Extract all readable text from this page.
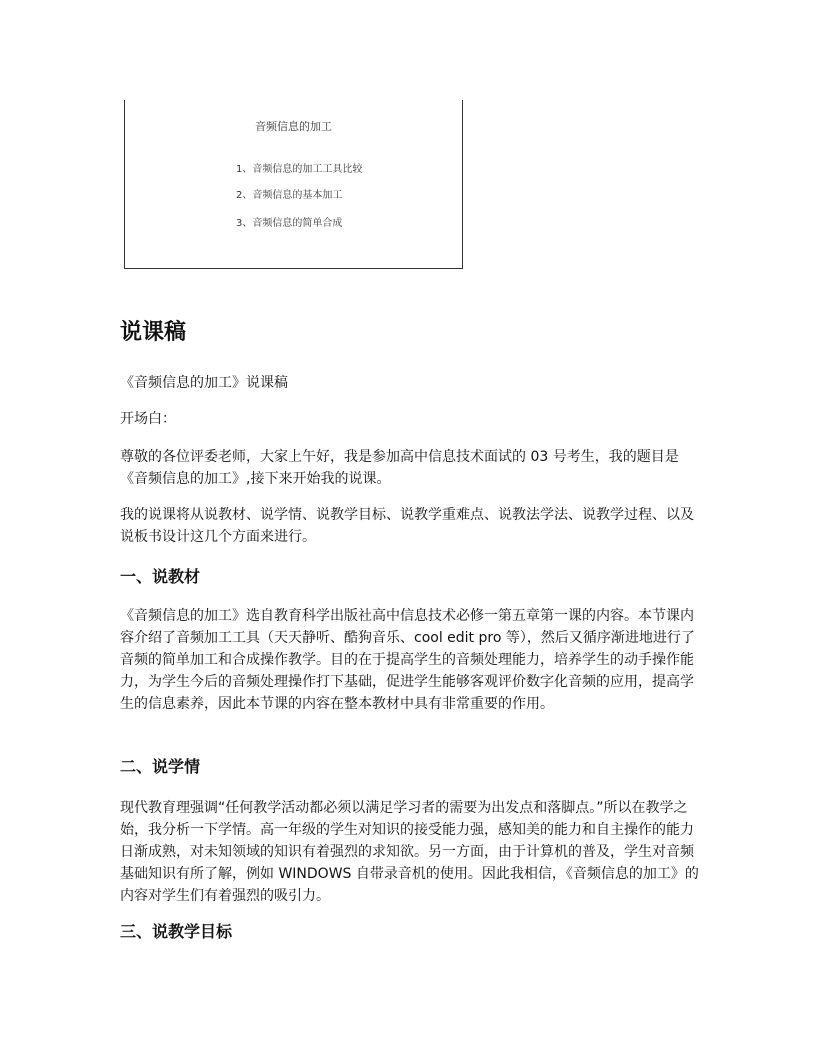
音频信息的加工
1、音频信息的加工工具比较
2、音频信息的基本加工
3、音频信息的简单合成
说课稿

《音频信息的加工》说课稿

开场白：

尊敬的各位评委老师，大家上午好，我是参加高中信息技术面试的 03 号考生，我的题目是《音频信息的加工》,接下来开始我的说课。

我的说课将从说教材、说学情、说教学目标、说教学重难点、说教法学法、说教学过程、以及说板书设计这几个方面来进行。

一、说教材

《音频信息的加工》选自教育科学出版社高中信息技术必修一第五章第一课的内容。本节课内容介绍了音频加工工具（天天静听、酷狗音乐、cool edit pro 等），然后又循序渐进地进行了音频的简单加工和合成操作教学。目的在于提高学生的音频处理能力，培养学生的动手操作能力，为学生今后的音频处理操作打下基础，促进学生能够客观评价数字化音频的应用，提高学生的信息素养，因此本节课的内容在整本教材中具有非常重要的作用。

二、说学情

现代教育理强调“任何教学活动都必须以满足学习者的需要为出发点和落脚点。”所以在教学之始，我分析一下学情。高一年级的学生对知识的接受能力强，感知美的能力和自主操作的能力日渐成熟，对未知领域的知识有着强烈的求知欲。另一方面，由于计算机的普及，学生对音频基础知识有所了解，例如 WINDOWS 自带录音机的使用。因此我相信，《音频信息的加工》的内容对学生们有着强烈的吸引力。

三、说教学目标
